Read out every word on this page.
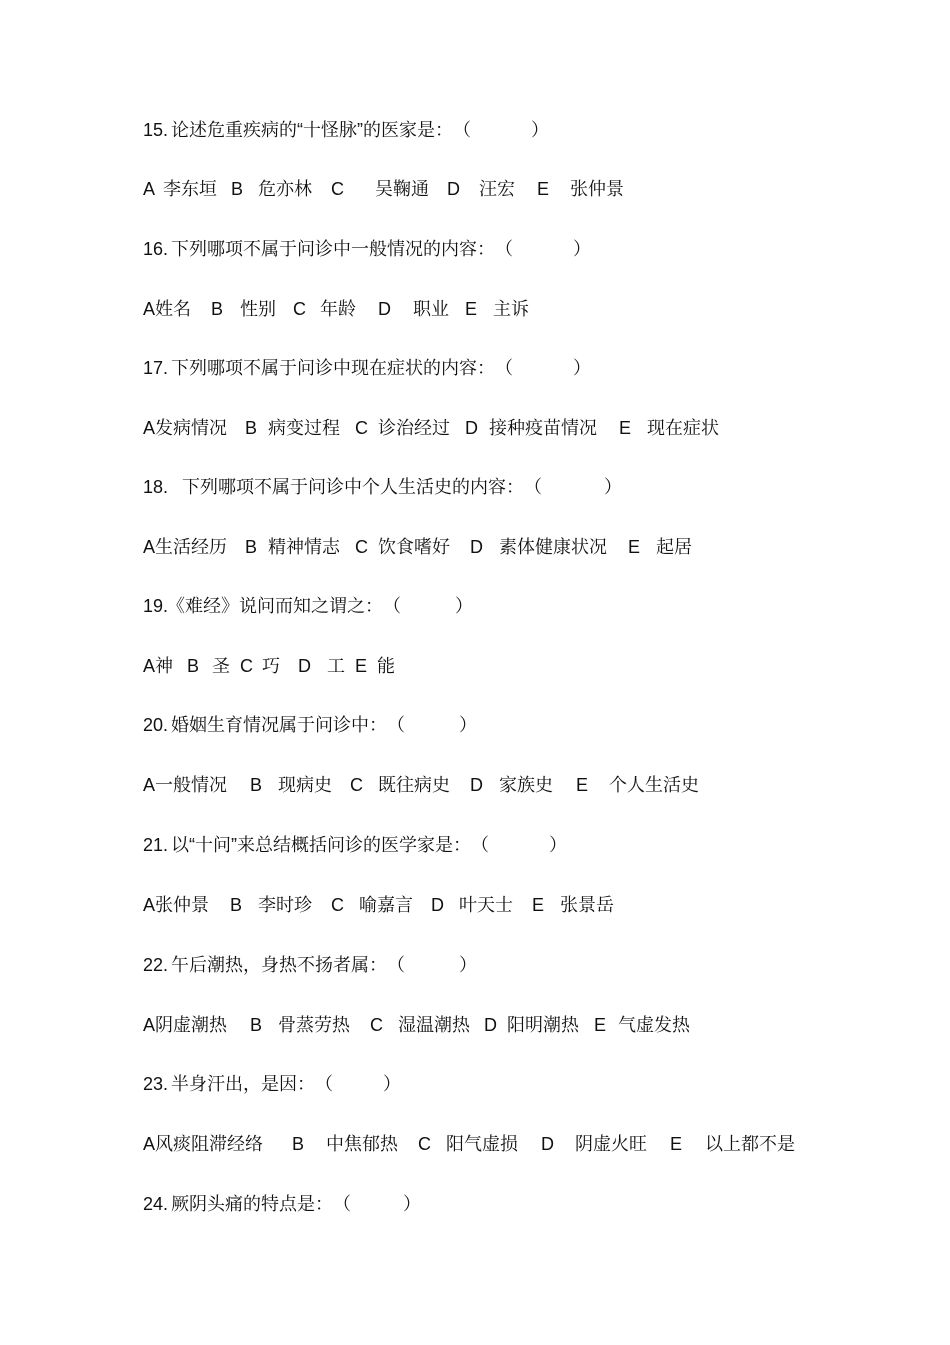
15. 论述危重疾病的“十怪脉”的医家是： （	）
A 李东垣 B 危亦林 C 吴鞠通 D 汪宏 E 张仲景
16. 下列哪项不属于问诊中一般情况的内容： （	）
A 姓名 B 性别 C 年龄 D 职业 E 主诉
17. 下列哪项不属于问诊中现在症状的内容： （	）
A 发病情况 B 病变过程 C 诊治经过 D 接种疫苗情况 E 现在症状
18. 下列哪项不属于问诊中个人生活史的内容： （	）
A 生活经历 B 精神情志 C 饮食嗜好 D 素体健康状况 E 起居
19.
《难经》说问而知之谓之： （	）
A 神 B 圣 C 巧 D 工 E 能
20. 婚姻生育情况属于问诊中： （	）
A 一般情况 B 现病史 C 既往病史 D 家族史 E 个人生活史
21. 以“十问”来总结概括问诊的医学家是： （	）
A 张仲景 B 李时珍 C 喻嘉言 D 叶天士 E 张景岳
22. 午后潮热，身热不扬者属： （	）
A 阴虚潮热 B 骨蒸劳热 C 湿温潮热 D 阳明潮热 E 气虚发热
23. 半身汗出，是因： （	）
A 风痰阻滞经络 B 中焦郁热 C 阳气虚损 D 阴虚火旺 E 以上都不是
24. 厥阴头痛的特点是： （	）
